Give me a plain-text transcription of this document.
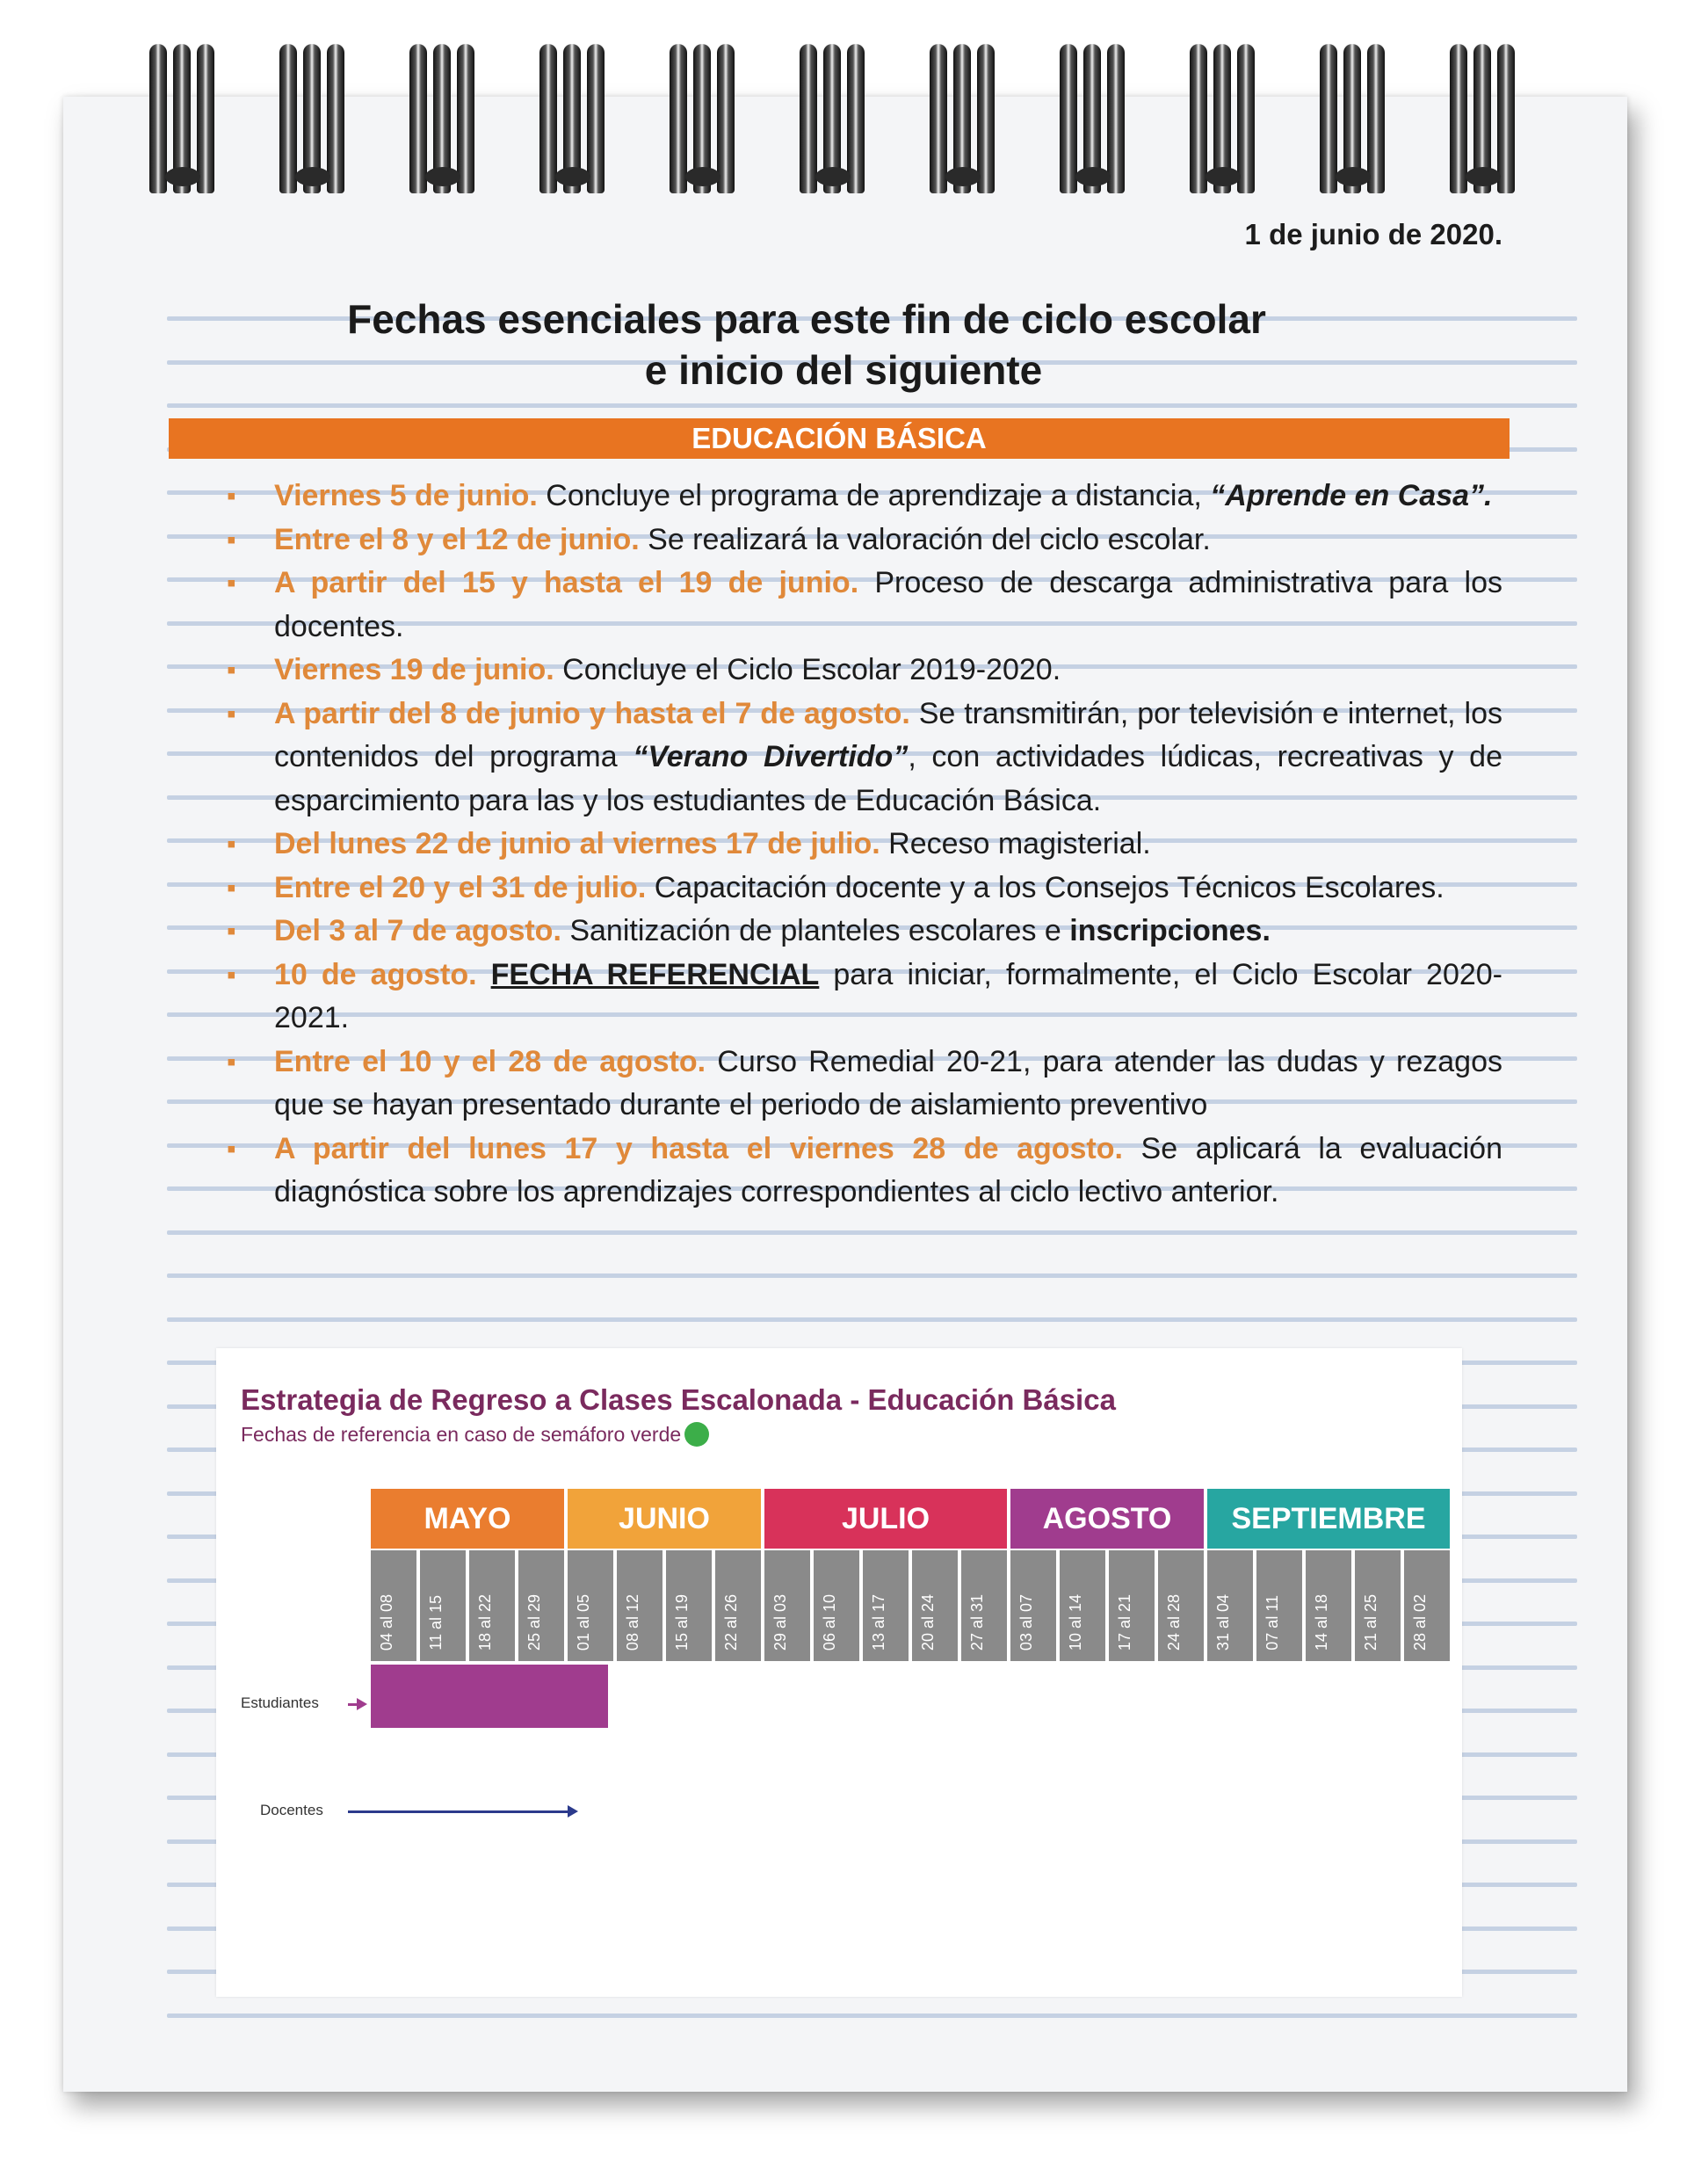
1 de junio de 2020.
Fechas esenciales para este fin de ciclo escolar
e inicio del siguiente
EDUCACIÓN BÁSICA
▪ Viernes 5 de junio. Concluye el programa de aprendizaje a distancia, “Aprende en Casa”.
▪ Entre el 8 y el 12 de junio. Se realizará la valoración del ciclo escolar.
▪ A partir del 15 y hasta el 19 de junio. Proceso de descarga administrativa para los docentes.
▪ Viernes 19 de junio. Concluye el Ciclo Escolar 2019-2020.
▪ A partir del 8 de junio y hasta el 7 de agosto. Se transmitirán, por televisión e internet, los contenidos del programa “Verano Divertido”, con actividades lúdicas, recreativas y de esparcimiento para las y los estudiantes de Educación Básica.
▪ Del lunes 22 de junio al viernes 17 de julio. Receso magisterial.
▪ Entre el 20 y el 31 de julio. Capacitación docente y a los Consejos Técnicos Escolares.
▪ Del 3 al 7 de agosto. Sanitización de planteles escolares e inscripciones.
▪ 10 de agosto. FECHA REFERENCIAL para iniciar, formalmente, el Ciclo Escolar 2020-2021.
▪ Entre el 10 y el 28 de agosto. Curso Remedial 20-21, para atender las dudas y rezagos que se hayan presentado durante el periodo de aislamiento preventivo
▪ A partir del lunes 17 y hasta el viernes 28 de agosto. Se aplicará la evaluación diagnóstica sobre los aprendizajes correspondientes al ciclo lectivo anterior.
Estrategia de Regreso a Clases Escalonada - Educación Básica
Fechas de referencia en caso de semáforo verde
MAYO	JUNIO	JULIO	AGOSTO	SEPTIEMBRE
04 al 08 11 al 15 18 al 22 25 al 29 01 al 05 08 al 12 15 al 19 22 al 26 29 al 03 06 al 10 13 al 17 20 al 24 27 al 31 03 al 07 10 al 14 17 al 21 24 al 28 31 al 04 07 al 11 14 al 18 21 al 25 28 al 02
Estudiantes
Docentes
